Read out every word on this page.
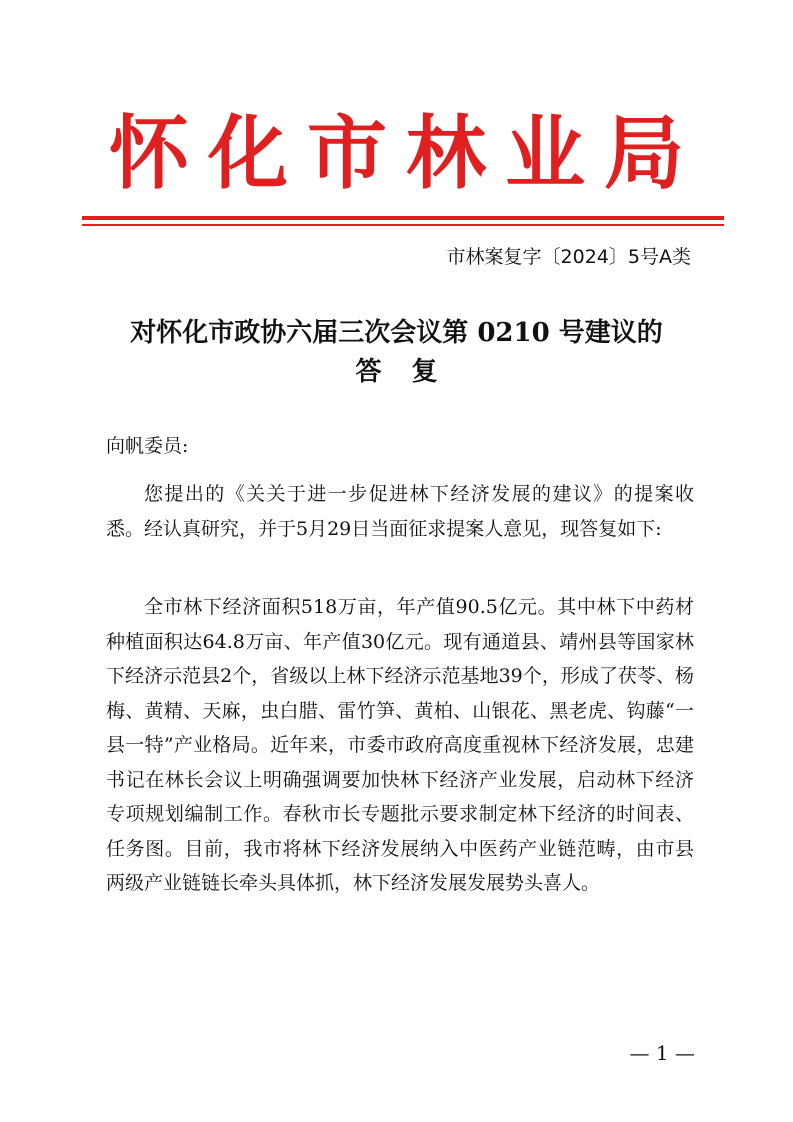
怀化市林业局
市林案复字〔2024〕5号A类
对怀化市政协六届三次会议第 0210 号建议的
答复
向帆委员:

您提出的《关关于进一步促进林下经济发展的建议》的提案收悉。经认真研究，并于5月29日当面征求提案人意见，现答复如下:

全市林下经济面积518万亩，年产值90.5亿元。其中林下中药材种植面积达64.8万亩、年产值30亿元。现有通道县、靖州县等国家林下经济示范县2个，省级以上林下经济示范基地39个，形成了茯苓、杨梅、黄精、天麻，虫白腊、雷竹笋、黄柏、山银花、黑老虎、钩藤“一县一特”产业格局。近年来，市委市政府高度重视林下经济发展，忠建书记在林长会议上明确强调要加快林下经济产业发展，启动林下经济专项规划编制工作。春秋市长专题批示要求制定林下经济的时间表、任务图。目前，我市将林下经济发展纳入中医药产业链范畴，由市县两级产业链链长牵头具体抓，林下经济发展发展势头喜人。

— 1 —
